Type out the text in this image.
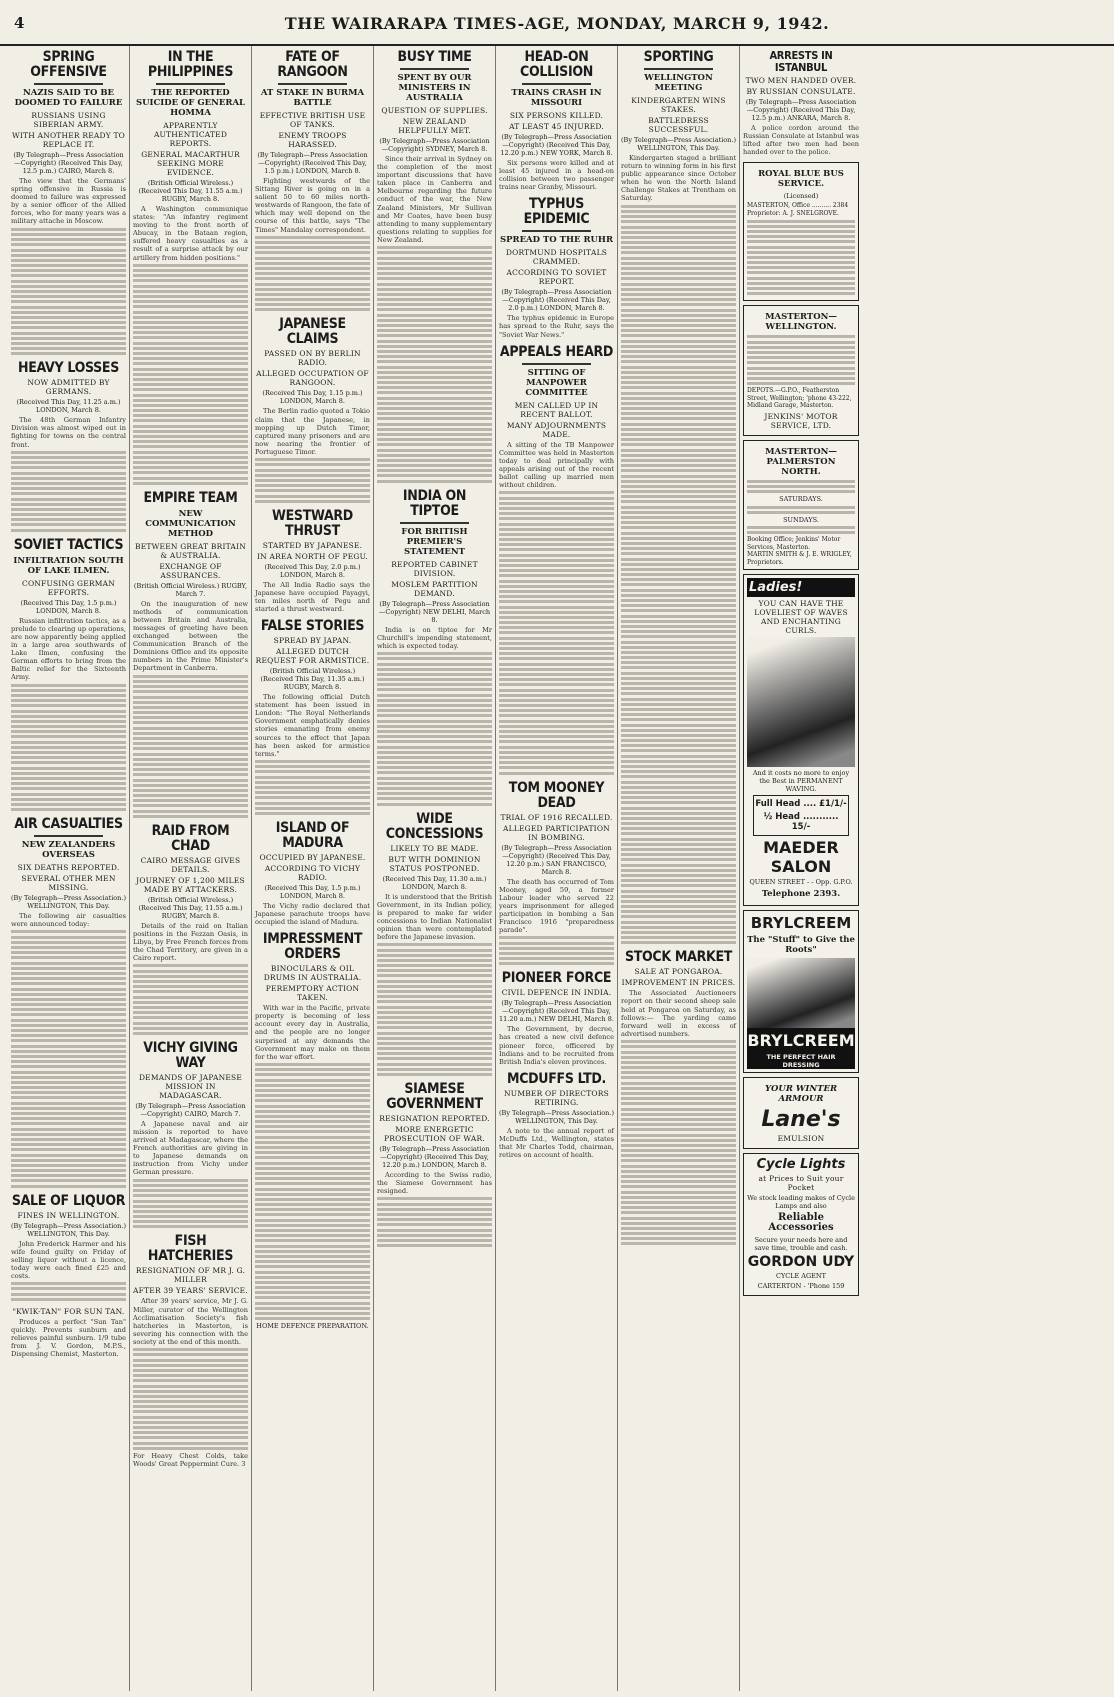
4	THE WAIRARAPA TIMES-AGE, MONDAY, MARCH 9, 1942.
SPRING OFFENSIVE
NAZIS SAID TO BE DOOMED TO FAILURE
RUSSIANS USING SIBERIAN ARMY.
WITH ANOTHER READY TO REPLACE IT.
(By Telegraph—Press Association—Copyright) (Received This Day, 12.5 p.m.) CAIRO, March 8.

The view that the Germans' spring offensive in Russia is doomed to failure was expressed by a senior officer of the Allied forces, who for many years was a military attache in Moscow.

HEAVY LOSSES
NOW ADMITTED BY GERMANS.
(Received This Day, 11.25 a.m.) LONDON, March 8.

The 48th German Infantry Division was almost wiped out in fighting for towns on the central front.

SOVIET TACTICS
INFILTRATION SOUTH OF LAKE ILMEN.
CONFUSING GERMAN EFFORTS.
(Received This Day, 1.5 p.m.) LONDON, March 8.

Russian infiltration tactics, as a prelude to clearing up operations, are now apparently being applied in a large area southwards of Lake Ilmen, confusing the German efforts to bring from the Baltic relief for the Sixteenth Army.

AIR CASUALTIES
NEW ZEALANDERS OVERSEAS
SIX DEATHS REPORTED.
SEVERAL OTHER MEN MISSING.
(By Telegraph—Press Association.) WELLINGTON, This Day.

The following air casualties were announced today:

SALE OF LIQUOR
FINES IN WELLINGTON.
(By Telegraph—Press Association.) WELLINGTON, This Day.

John Frederick Harmer and his wife found guilty on Friday of selling liquor without a licence, today were each fined £25 and costs.

"KWIK-TAN" FOR SUN TAN.

Produces a perfect "Sun Tan" quickly. Prevents sunburn and relieves painful sunburn. 1/9 tube from J. V. Gordon, M.P.S., Dispensing Chemist, Masterton.

IN THE PHILIPPINES
THE REPORTED SUICIDE OF GENERAL HOMMA
APPARENTLY AUTHENTICATED REPORTS.
GENERAL MACARTHUR SEEKING MORE EVIDENCE.
(British Official Wireless.) (Received This Day, 11.55 a.m.) RUGBY, March 8.

A Washington communique states: "An infantry regiment moving to the front north of Abucay, in the Bataan region, suffered heavy casualties as a result of a surprise attack by our artillery from hidden positions."

EMPIRE TEAM
NEW COMMUNICATION METHOD
BETWEEN GREAT BRITAIN & AUSTRALIA.
EXCHANGE OF ASSURANCES.
(British Official Wireless.) RUGBY, March 7.

On the inauguration of new methods of communication between Britain and Australia, messages of greeting have been exchanged between the Communication Branch of the Dominions Office and its opposite numbers in the Prime Minister's Department in Canberra.

RAID FROM CHAD
CAIRO MESSAGE GIVES DETAILS.
JOURNEY OF 1,200 MILES MADE BY ATTACKERS.
(British Official Wireless.) (Received This Day, 11.55 a.m.) RUGBY, March 8.

Details of the raid on Italian positions in the Fezzan Oasis, in Libya, by Free French forces from the Chad Territory, are given in a Cairo report.

VICHY GIVING WAY
DEMANDS OF JAPANESE MISSION IN MADAGASCAR.
(By Telegraph—Press Association—Copyright) CAIRO, March 7.

A Japanese naval and air mission is reported to have arrived at Madagascar, where the French authorities are giving in to Japanese demands on instruction from Vichy under German pressure.

FISH HATCHERIES
RESIGNATION OF MR J. G. MILLER
AFTER 39 YEARS' SERVICE.

After 39 years' service, Mr J. G. Miller, curator of the Wellington Acclimatisation Society's fish hatcheries in Masterton, is severing his connection with the society at the end of this month.

For Heavy Chest Colds, take Woods' Great Peppermint Cure. 3
FATE OF RANGOON
AT STAKE IN BURMA BATTLE
EFFECTIVE BRITISH USE OF TANKS.
ENEMY TROOPS HARASSED.
(By Telegraph—Press Association—Copyright) (Received This Day, 1.5 p.m.) LONDON, March 8.

Fighting westwards of the Sittang River is going on in a salient 50 to 60 miles north-westwards of Rangoon, the fate of which may well depend on the course of this battle, says "The Times" Mandalay correspondent.

JAPANESE CLAIMS
PASSED ON BY BERLIN RADIO.
ALLEGED OCCUPATION OF RANGOON.
(Received This Day, 1.15 p.m.) LONDON, March 8.

The Berlin radio quoted a Tokio claim that the Japanese, in mopping up Dutch Timor, captured many prisoners and are now nearing the frontier of Portuguese Timor.

WESTWARD THRUST
STARTED BY JAPANESE.
IN AREA NORTH OF PEGU.
(Received This Day, 2.0 p.m.) LONDON, March 8.

The All India Radio says the Japanese have occupied Payagyi, ten miles north of Pegu and started a thrust westward.

FALSE STORIES
SPREAD BY JAPAN.
ALLEGED DUTCH REQUEST FOR ARMISTICE.
(British Official Wireless.) (Received This Day, 11.35 a.m.) RUGBY, March 8.

The following official Dutch statement has been issued in London: "The Royal Netherlands Government emphatically denies stories emanating from enemy sources to the effect that Japan has been asked for armistice terms."

ISLAND OF MADURA
OCCUPIED BY JAPANESE.
ACCORDING TO VICHY RADIO.
(Received This Day, 1.5 p.m.) LONDON, March 8.

The Vichy radio declared that Japanese parachute troops have occupied the island of Madura.

IMPRESSMENT ORDERS
BINOCULARS & OIL DRUMS IN AUSTRALIA.
PEREMPTORY ACTION TAKEN.

With war in the Pacific, private property is becoming of less account every day in Australia, and the people are no longer surprised at any demands the Government may make on them for the war effort.

HOME DEFENCE PREPARATION.
BUSY TIME
SPENT BY OUR MINISTERS IN AUSTRALIA
QUESTION OF SUPPLIES.
NEW ZEALAND HELPFULLY MET.
(By Telegraph—Press Association—Copyright) SYDNEY, March 8.

Since their arrival in Sydney on the completion of the most important discussions that have taken place in Canberra and Melbourne regarding the future conduct of the war, the New Zealand Ministers, Mr Sullivan and Mr Coates, have been busy attending to many supplementary questions relating to supplies for New Zealand.

INDIA ON TIPTOE
FOR BRITISH PREMIER'S STATEMENT
REPORTED CABINET DIVISION.
MOSLEM PARTITION DEMAND.
(By Telegraph—Press Association—Copyright) NEW DELHI, March 8.

India is on tiptoe for Mr Churchill's impending statement, which is expected today.

WIDE CONCESSIONS
LIKELY TO BE MADE.
BUT WITH DOMINION STATUS POSTPONED.
(Received This Day, 11.30 a.m.) LONDON, March 8.

It is understood that the British Government, in its Indian policy, is prepared to make far wider concessions to Indian Nationalist opinion than were contemplated before the Japanese invasion.

SIAMESE GOVERNMENT
RESIGNATION REPORTED.
MORE ENERGETIC PROSECUTION OF WAR.
(By Telegraph—Press Association—Copyright) (Received This Day, 12.20 p.m.) LONDON, March 8.

According to the Swiss radio, the Siamese Government has resigned.

HEAD-ON COLLISION
TRAINS CRASH IN MISSOURI
SIX PERSONS KILLED.
AT LEAST 45 INJURED.
(By Telegraph—Press Association—Copyright) (Received This Day, 12.20 p.m.) NEW YORK, March 8.

Six persons were killed and at least 45 injured in a head-on collision between two passenger trains near Granby, Missouri.

TYPHUS EPIDEMIC
SPREAD TO THE RUHR
DORTMUND HOSPITALS CRAMMED.
ACCORDING TO SOVIET REPORT.
(By Telegraph—Press Association—Copyright) (Received This Day, 2.0 p.m.) LONDON, March 8.

The typhus epidemic in Europe has spread to the Ruhr, says the "Soviet War News."

APPEALS HEARD
SITTING OF MANPOWER COMMITTEE
MEN CALLED UP IN RECENT BALLOT.
MANY ADJOURNMENTS MADE.

A sitting of the TB Manpower Committee was held in Masterton today to deal principally with appeals arising out of the recent ballot calling up married men without children.

TOM MOONEY DEAD
TRIAL OF 1916 RECALLED.
ALLEGED PARTICIPATION IN BOMBING.
(By Telegraph—Press Association—Copyright) (Received This Day, 12.20 p.m.) SAN FRANCISCO, March 8.

The death has occurred of Tom Mooney, aged 59, a former Labour leader who served 22 years imprisonment for alleged participation in bombing a San Francisco 1916 "preparedness parade".

PIONEER FORCE
CIVIL DEFENCE IN INDIA.
(By Telegraph—Press Association—Copyright) (Received This Day, 11.20 a.m.) NEW DELHI, March 8.

The Government, by decree, has created a new civil defence pioneer force, officered by Indians and to be recruited from British India's eleven provinces.

MCDUFFS LTD.
NUMBER OF DIRECTORS RETIRING.
(By Telegraph—Press Association.) WELLINGTON, This Day.

A note to the annual report of McDuffs Ltd., Wellington, states that Mr Charles Todd, chairman, retires on account of health.

SPORTING
WELLINGTON MEETING
KINDERGARTEN WINS STAKES.
BATTLEDRESS SUCCESSFUL.
(By Telegraph—Press Association.) WELLINGTON, This Day.

Kindergarten staged a brilliant return to winning form in his first public appearance since October when he won the North Island Challenge Stakes at Trentham on Saturday.

STOCK MARKET
SALE AT PONGAROA.
IMPROVEMENT IN PRICES.

The Associated Auctioneers report on their second sheep sale held at Pongaroa on Saturday, as follows:— The yarding came forward well in excess of advertised numbers.

ARRESTS IN ISTANBUL
TWO MEN HANDED OVER.
BY RUSSIAN CONSULATE.
(By Telegraph—Press Association—Copyright) (Received This Day, 12.5 p.m.) ANKARA, March 8.

A police cordon around the Russian Consulate at Istanbul was lifted after two men had been handed over to the police.

ROYAL BLUE BUS SERVICE.
(Licensed)
MASTERTON, Office .......... 2384
Proprietor: A. J. SNELGROVE.
MASTERTON—WELLINGTON.
DEPOTS.—G.P.O., Featherston Street, Wellington; 'phone 43-222, Midland Garage, Masterton.
JENKINS' MOTOR SERVICE, LTD.
MASTERTON—PALMERSTON NORTH.
SATURDAYS.
SUNDAYS.
Booking Office; Jenkins' Motor Services, Masterton.
MARTIN SMITH & J. E. WRIGLEY, Proprietors.
Ladies!
YOU CAN HAVE THE LOVELIEST OF WAVES AND ENCHANTING CURLS.
And it costs no more to enjoy the Best in PERMANENT WAVING.
Full Head .... £1/1/-
½ Head ........... 15/-
MAEDER SALON
QUEEN STREET - - Opp. G.P.O.
Telephone 2393.
BRYLCREEM
The "Stuff" to Give the Roots"
BRYLCREEM
THE PERFECT HAIR DRESSING
YOUR WINTER ARMOUR
Lane's
EMULSION
Cycle Lights
at Prices to Suit your Pocket
We stock leading makes of Cycle Lamps and also
Reliable Accessories
Secure your needs here and save time, trouble and cash.
GORDON UDY
CYCLE AGENT
CARTERTON - 'Phone 159
